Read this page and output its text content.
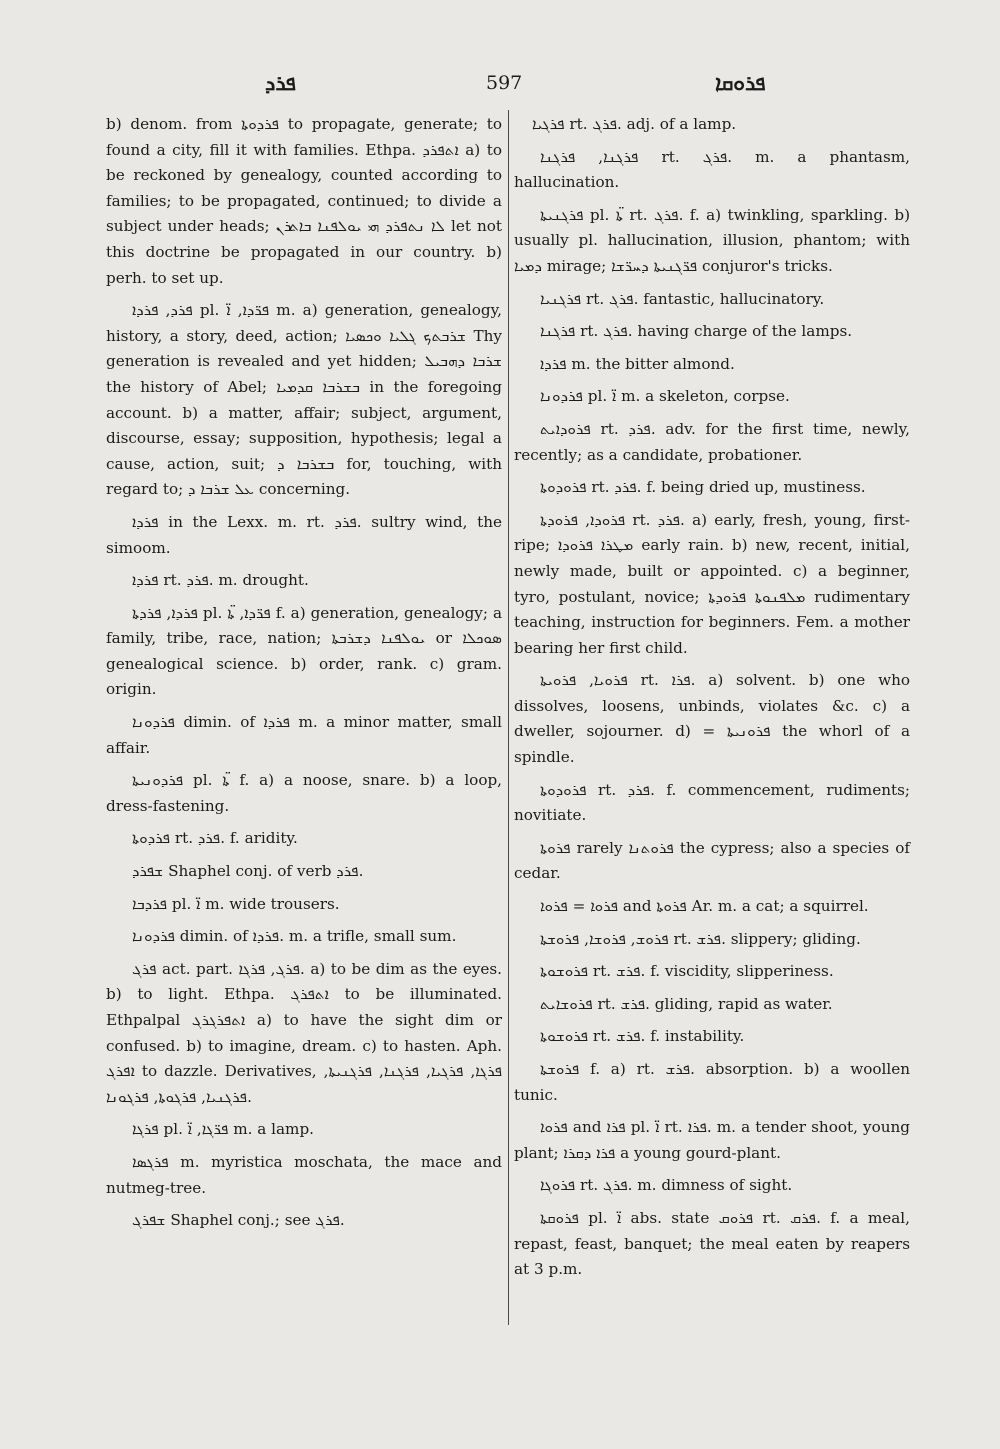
ܦܪܕ	597	ܦܪܘܩܐ

b) denom. from ܦܪܕܘܬܐ to propagate, generate; to found a city, fill it with families. Ethpa. ܐܬܦܪܕ a) to be reckoned by genealogy, counted according to families; to be propagated, continued; to divide a subject under heads; ܠܐ ܢܬܦܪܕ ܗܝ ܝܘܠܦܢܐ ܒܐܬܪܢ let not this doctrine be propagated in our country. b) perh. to set up.

ܦܪܕ, ܦܪܕܐ pl. ܦܪ̈ܕܐ, ܐ̈ m. a) generation, genealogy, history, a story, deed, action; ܫܪܒܬܟ ܓܠܝܐ ܘܟܣܝܐ Thy generation is revealed and yet hidden; ܫܪܒܐ ܕܗܒܝܠ the history of Abel; ܒܫܪܒܐ ܩܕܡܝܐ in the foregoing account. b) a matter, affair; subject, argument, discourse, essay; supposition, hypothesis; legal a cause, action, suit; ܒܫܪܒܐ ܕ for, touching, with regard to; ܥܠ ܫܪܒܐ ܕ concerning.

ܦܪܕܐ in the Lexx. m. rt. ܦܪܕ. sultry wind, the simoom.

ܦܪܕܐ rt. ܦܪܕ. m. drought.

ܦܪܕܐ, ܦܪܕܬܐ pl. ܦܪ̈ܕܐ, ܬ̈ܐ f. a) generation, genealogy; a family, tribe, race, nation; ܝܘܠܦܢܐ ܕܫܪܒܬܐ or ܣܘܟܠܐ genealogical science. b) order, rank. c) gram. origin.

ܦܪܕܘܢܐ dimin. of ܦܪܕܐ m. a minor matter, small affair.

ܦܪܕܘܢܝܬܐ pl. ܬ̈ܐ f. a) a noose, snare. b) a loop, dress-fastening.

ܦܪܕܘܬܐ rt. ܦܪܕ. f. aridity.

ܫܦܪܕ Shaphel conj. of verb ܦܪܕ.

ܦܪܕܒܐ pl. ܐ̈ m. wide trousers.

ܦܪܕܘܢܐ dimin. of ܦܪܕܐ. m. a trifle, small sum.

ܦܪܓ act. part. ܦܪܓ, ܦܪܓܐ. a) to be dim as the eyes. b) to light. Ethpa. ܐܬܦܪܓ to be illuminated. Ethpalpal ܐܬܦܪܓܪܓ a) to have the sight dim or confused. b) to imagine, dream. c) to hasten. Aph. ܐܦܪܓ to dazzle. Derivatives, ܦܪܓܐ, ܦܪܓܝܐ, ܦܪܓܢܐ, ܦܪܓܢܝܬܐ, ܦܪܓܢܝܐ, ܦܪܓܘܬܐ, ܦܪܓܘܢܐ.

ܦܪܓܐ pl. ܦܪ̈ܓܐ, ܐ̈ m. a lamp.

ܦܪܓܣܐ m. myristica moschata, the mace and nutmeg-tree.

ܫܦܪܓ Shaphel conj.; see ܦܪܓ.

ܦܪܓܝܐ rt. ܦܪܓ. adj. of a lamp.

ܦܪܓܢܐ, ܦܪܓܢܐ rt. ܦܪܓ. m. a phantasm, hallucination.

ܦܪܓܢܝܬܐ pl. ܬ̈ܐ rt. ܦܪܓ. f. a) twinkling, sparkling. b) usually pl. hallucination, illusion, phantom; with ܕܡܝܐ mirage; ܦܪ̈ܓܢܝܬܐ ܕܚܪ̈ܫܐ conjuror's tricks.

ܦܪܓܢܝܐ rt. ܦܪܓ. fantastic, hallucinatory.

ܦܪܓܢܐ rt. ܦܪܓ. having charge of the lamps.

ܦܪܕܐ m. the bitter almond.

ܦܪܕܘܢܐ pl. ܐ̈ m. a skeleton, corpse.

ܦܪܘܕܐܝܬ rt. ܦܪܕ. adv. for the first time, newly, recently; as a candidate, probationer.

ܦܪܘܕܘܬܐ rt. ܦܪܕ. f. being dried up, mustiness.

ܦܪܘܕܐ, ܦܪܘܕܬܐ rt. ܦܪܕ. a) early, fresh, young, first-ripe; ܡܛܪܐ ܦܪܘܕܐ early rain. b) new, recent, initial, newly made, built or appointed. c) a beginner, tyro, postulant, novice; ܡܠܦܢܘܬܐ ܦܪܘܕܬܐ rudimentary teaching, instruction for beginners. Fem. a mother bearing her first child.

ܦܪܘܝܐ, ܦܪܘܝܬܐ rt. ܦܪܐ. a) solvent. b) one who dissolves, loosens, unbinds, violates &c. c) a dweller, sojourner. d) = ܦܪܘܢܝܬܐ the whorl of a spindle.

ܦܪܘܕܘܬܐ rt. ܦܪܕ. f. commencement, rudiments; novitiate.

ܦܪܘܬܐ rarely ܦܪܘܬܢܐ the cypress; also a species of cedar.

ܦܪܘܐ = ܦܪܘܐ and ܦܪܘܬܐ Ar. m. a cat; a squirrel.

ܦܪܘܫ, ܦܪܘܫܐ, ܦܪܘܫܬܐ rt. ܦܪܫ. slippery; gliding.

ܦܪܘܫܘܬܐ rt. ܦܪܫ. f. viscidity, slipperiness.

ܦܪܘܫܐܝܬ rt. ܦܪܫ. gliding, rapid as water.

ܦܪܘܫܘܬܐ rt. ܦܪܫ. f. instability.

ܦܪܘܫܬܐ f. a) rt. ܦܪܫ. absorption. b) a woollen tunic.

ܦܪܘܐ and ܦܪܐ pl. ܐ̈ rt. ܦܪܐ. m. a tender shoot, young plant; ܦܪܐ ܕܩܪܐ a young gourd-plant.

ܦܪܘܓܐ rt. ܦܪܓ. m. dimness of sight.

ܦܪܘܩܬܐ pl. ܐ̈ abs. state ܦܪܘܩ rt. ܦܪܩ. f. a meal, repast, feast, banquet; the meal eaten by reapers at 3 p.m.
